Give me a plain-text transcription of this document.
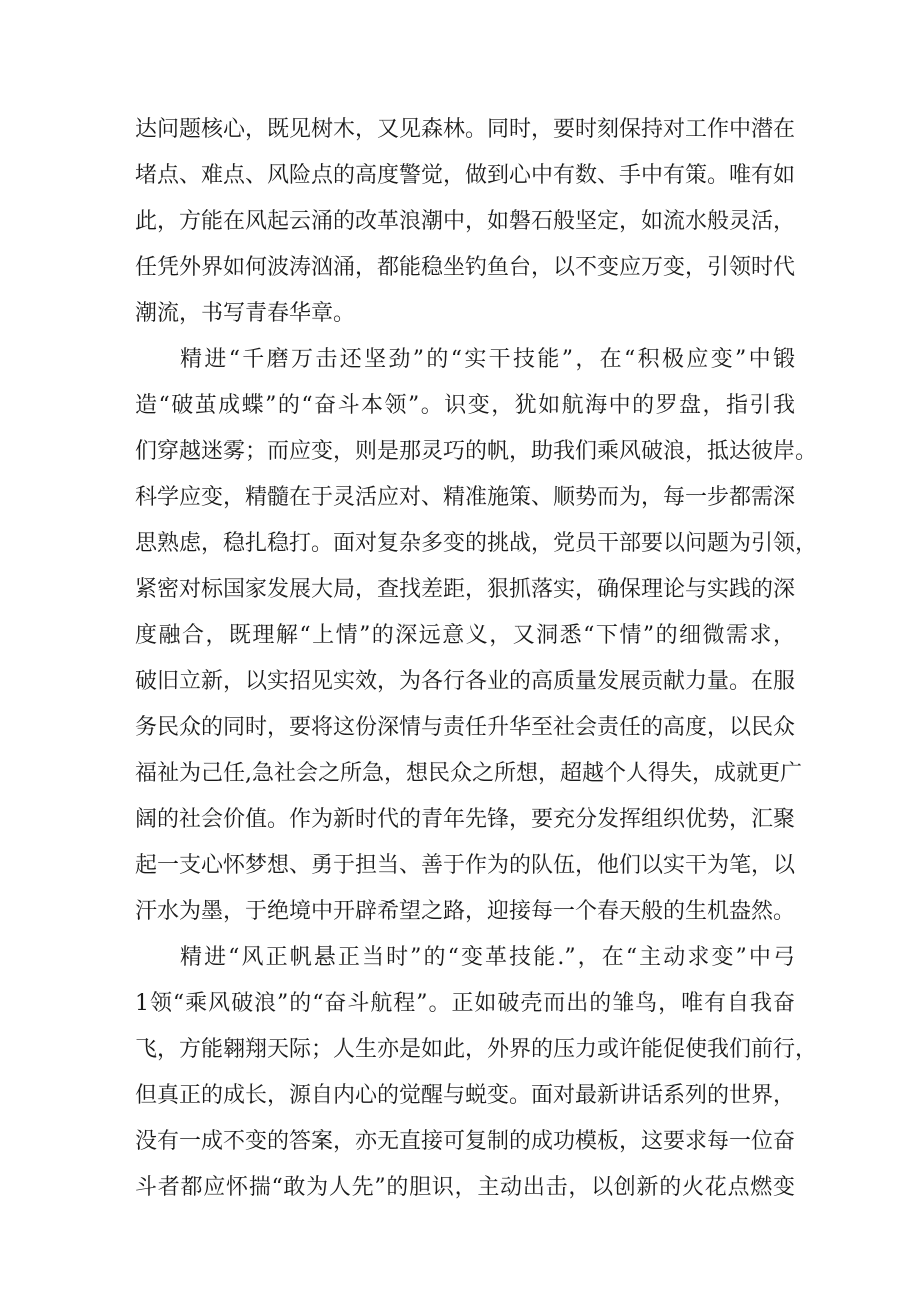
达问题核心，既见树木，又见森林。同时，要时刻保持对工作中潜在
堵点、难点、风险点的高度警觉，做到心中有数、手中有策。唯有如
此，方能在风起云涌的改革浪潮中，如磐石般坚定，如流水般灵活，
任凭外界如何波涛汹涌，都能稳坐钓鱼台，以不变应万变，引领时代
潮流，书写青春华章。
精进“千磨万击还坚劲”的“实干技能”，在“积极应变”中锻
造“破茧成蝶”的“奋斗本领”。识变，犹如航海中的罗盘，指引我
们穿越迷雾；而应变，则是那灵巧的帆，助我们乘风破浪，抵达彼岸。
科学应变，精髓在于灵活应对、精准施策、顺势而为，每一步都需深
思熟虑，稳扎稳打。面对复杂多变的挑战，党员干部要以问题为引领，
紧密对标国家发展大局，查找差距，狠抓落实，确保理论与实践的深
度融合，既理解“上情”的深远意义，又洞悉“下情”的细微需求，
破旧立新，以实招见实效，为各行各业的高质量发展贡献力量。在服
务民众的同时，要将这份深情与责任升华至社会责任的高度，以民众
福祉为己任,急社会之所急，想民众之所想，超越个人得失，成就更广
阔的社会价值。作为新时代的青年先锋，要充分发挥组织优势，汇聚
起一支心怀梦想、勇于担当、善于作为的队伍，他们以实干为笔，以
汗水为墨，于绝境中开辟希望之路，迎接每一个春天般的生机盎然。
精进“风正帆悬正当时”的“变革技能.”，在“主动求变”中弓
1领“乘风破浪”的“奋斗航程”。正如破壳而出的雏鸟，唯有自我奋
飞，方能翱翔天际；人生亦是如此，外界的压力或许能促使我们前行，
但真正的成长，源自内心的觉醒与蜕变。面对最新讲话系列的世界，
没有一成不变的答案，亦无直接可复制的成功模板，这要求每一位奋
斗者都应怀揣“敢为人先”的胆识，主动出击，以创新的火花点燃变
